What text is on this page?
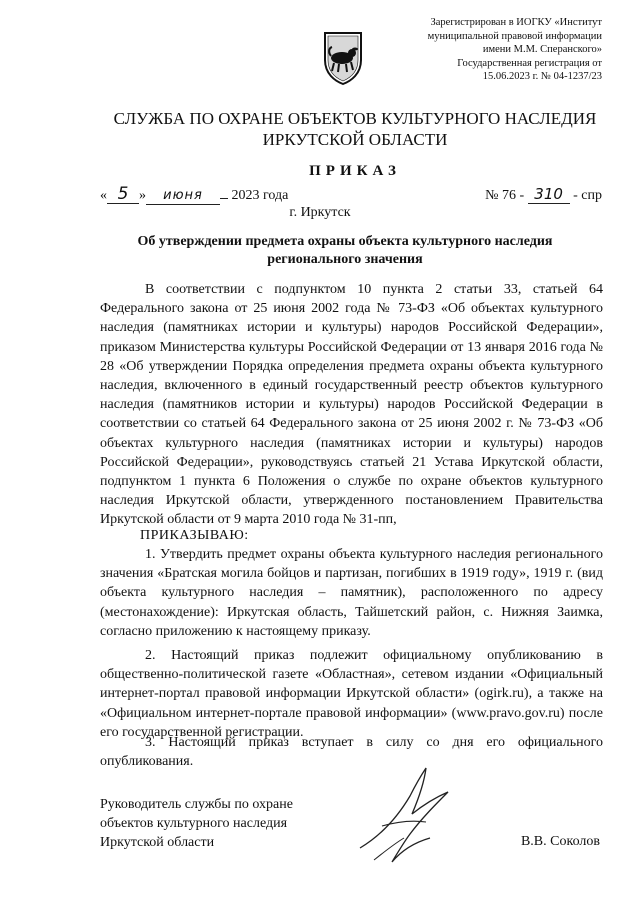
Зарегистрирован в ИОГКУ «Институт
муниципальной правовой информации
имени М.М. Сперанского»
Государственная регистрация от
15.06.2023 г. № 04-1237/23
СЛУЖБА ПО ОХРАНЕ ОБЪЕКТОВ КУЛЬТУРНОГО НАСЛЕДИЯ
ИРКУТСКОЙ ОБЛАСТИ
ПРИКАЗ
« 5 » июня 2023 года	№ 76 - 310 - спр
г. Иркутск
Об утверждении предмета охраны объекта культурного наследия регионального значения
В соответствии с подпунктом 10 пункта 2 статьи 33, статьей 64 Федерального закона от 25 июня 2002 года № 73-ФЗ «Об объектах культурного наследия (памятниках истории и культуры) народов Российской Федерации», приказом Министерства культуры Российской Федерации от 13 января 2016 года № 28 «Об утверждении Порядка определения предмета охраны объекта культурного наследия, включенного в единый государственный реестр объектов культурного наследия (памятников истории и культуры) народов Российской Федерации в соответствии со статьей 64 Федерального закона от 25 июня 2002 г. № 73-ФЗ «Об объектах культурного наследия (памятниках истории и культуры) народов Российской Федерации», руководствуясь статьей 21 Устава Иркутской области, подпунктом 1 пункта 6 Положения о службе по охране объектов культурного наследия Иркутской области, утвержденного постановлением Правительства Иркутской области от 9 марта 2010 года № 31-пп,
ПРИКАЗЫВАЮ:
1. Утвердить предмет охраны объекта культурного наследия регионального значения «Братская могила бойцов и партизан, погибших в 1919 году», 1919 г. (вид объекта культурного наследия – памятник), расположенного по адресу (местонахождение): Иркутская область, Тайшетский район, с. Нижняя Заимка, согласно приложению к настоящему приказу.
2. Настоящий приказ подлежит официальному опубликованию в общественно-политической газете «Областная», сетевом издании «Официальный интернет-портал правовой информации Иркутской области» (ogirk.ru), а также на «Официальном интернет-портале правовой информации» (www.pravo.gov.ru) после его государственной регистрации.
3. Настоящий приказ вступает в силу со дня его официального опубликования.
Руководитель службы по охране
объектов культурного наследия
Иркутской области	В.В. Соколов
